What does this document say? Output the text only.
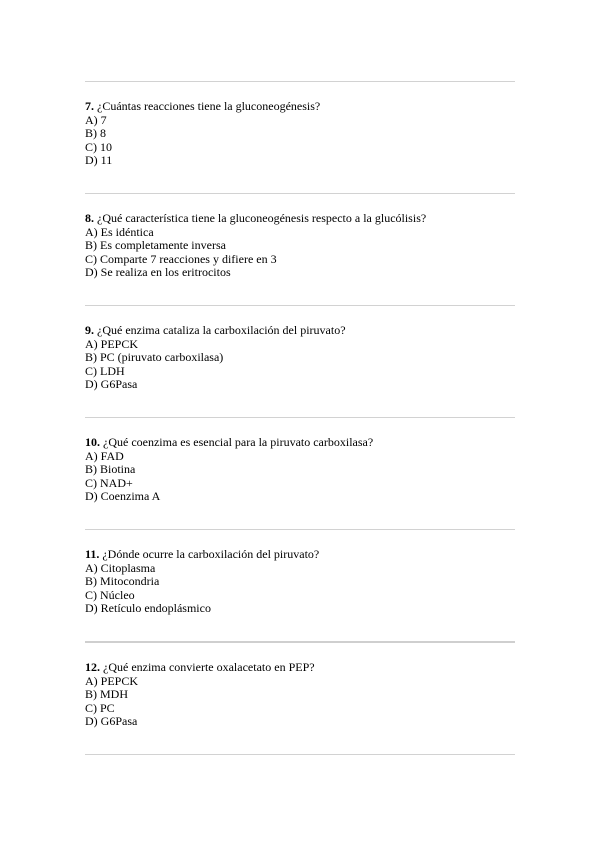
7. ¿Cuántas reacciones tiene la gluconeogénesis?
A) 7
B) 8
C) 10
D) 11
8. ¿Qué característica tiene la gluconeogénesis respecto a la glucólisis?
A) Es idéntica
B) Es completamente inversa
C) Comparte 7 reacciones y difiere en 3
D) Se realiza en los eritrocitos
9. ¿Qué enzima cataliza la carboxilación del piruvato?
A) PEPCK
B) PC (piruvato carboxilasa)
C) LDH
D) G6Pasa
10. ¿Qué coenzima es esencial para la piruvato carboxilasa?
A) FAD
B) Biotina
C) NAD+
D) Coenzima A
11. ¿Dónde ocurre la carboxilación del piruvato?
A) Citoplasma
B) Mitocondria
C) Núcleo
D) Retículo endoplásmico
12. ¿Qué enzima convierte oxalacetato en PEP?
A) PEPCK
B) MDH
C) PC
D) G6Pasa
